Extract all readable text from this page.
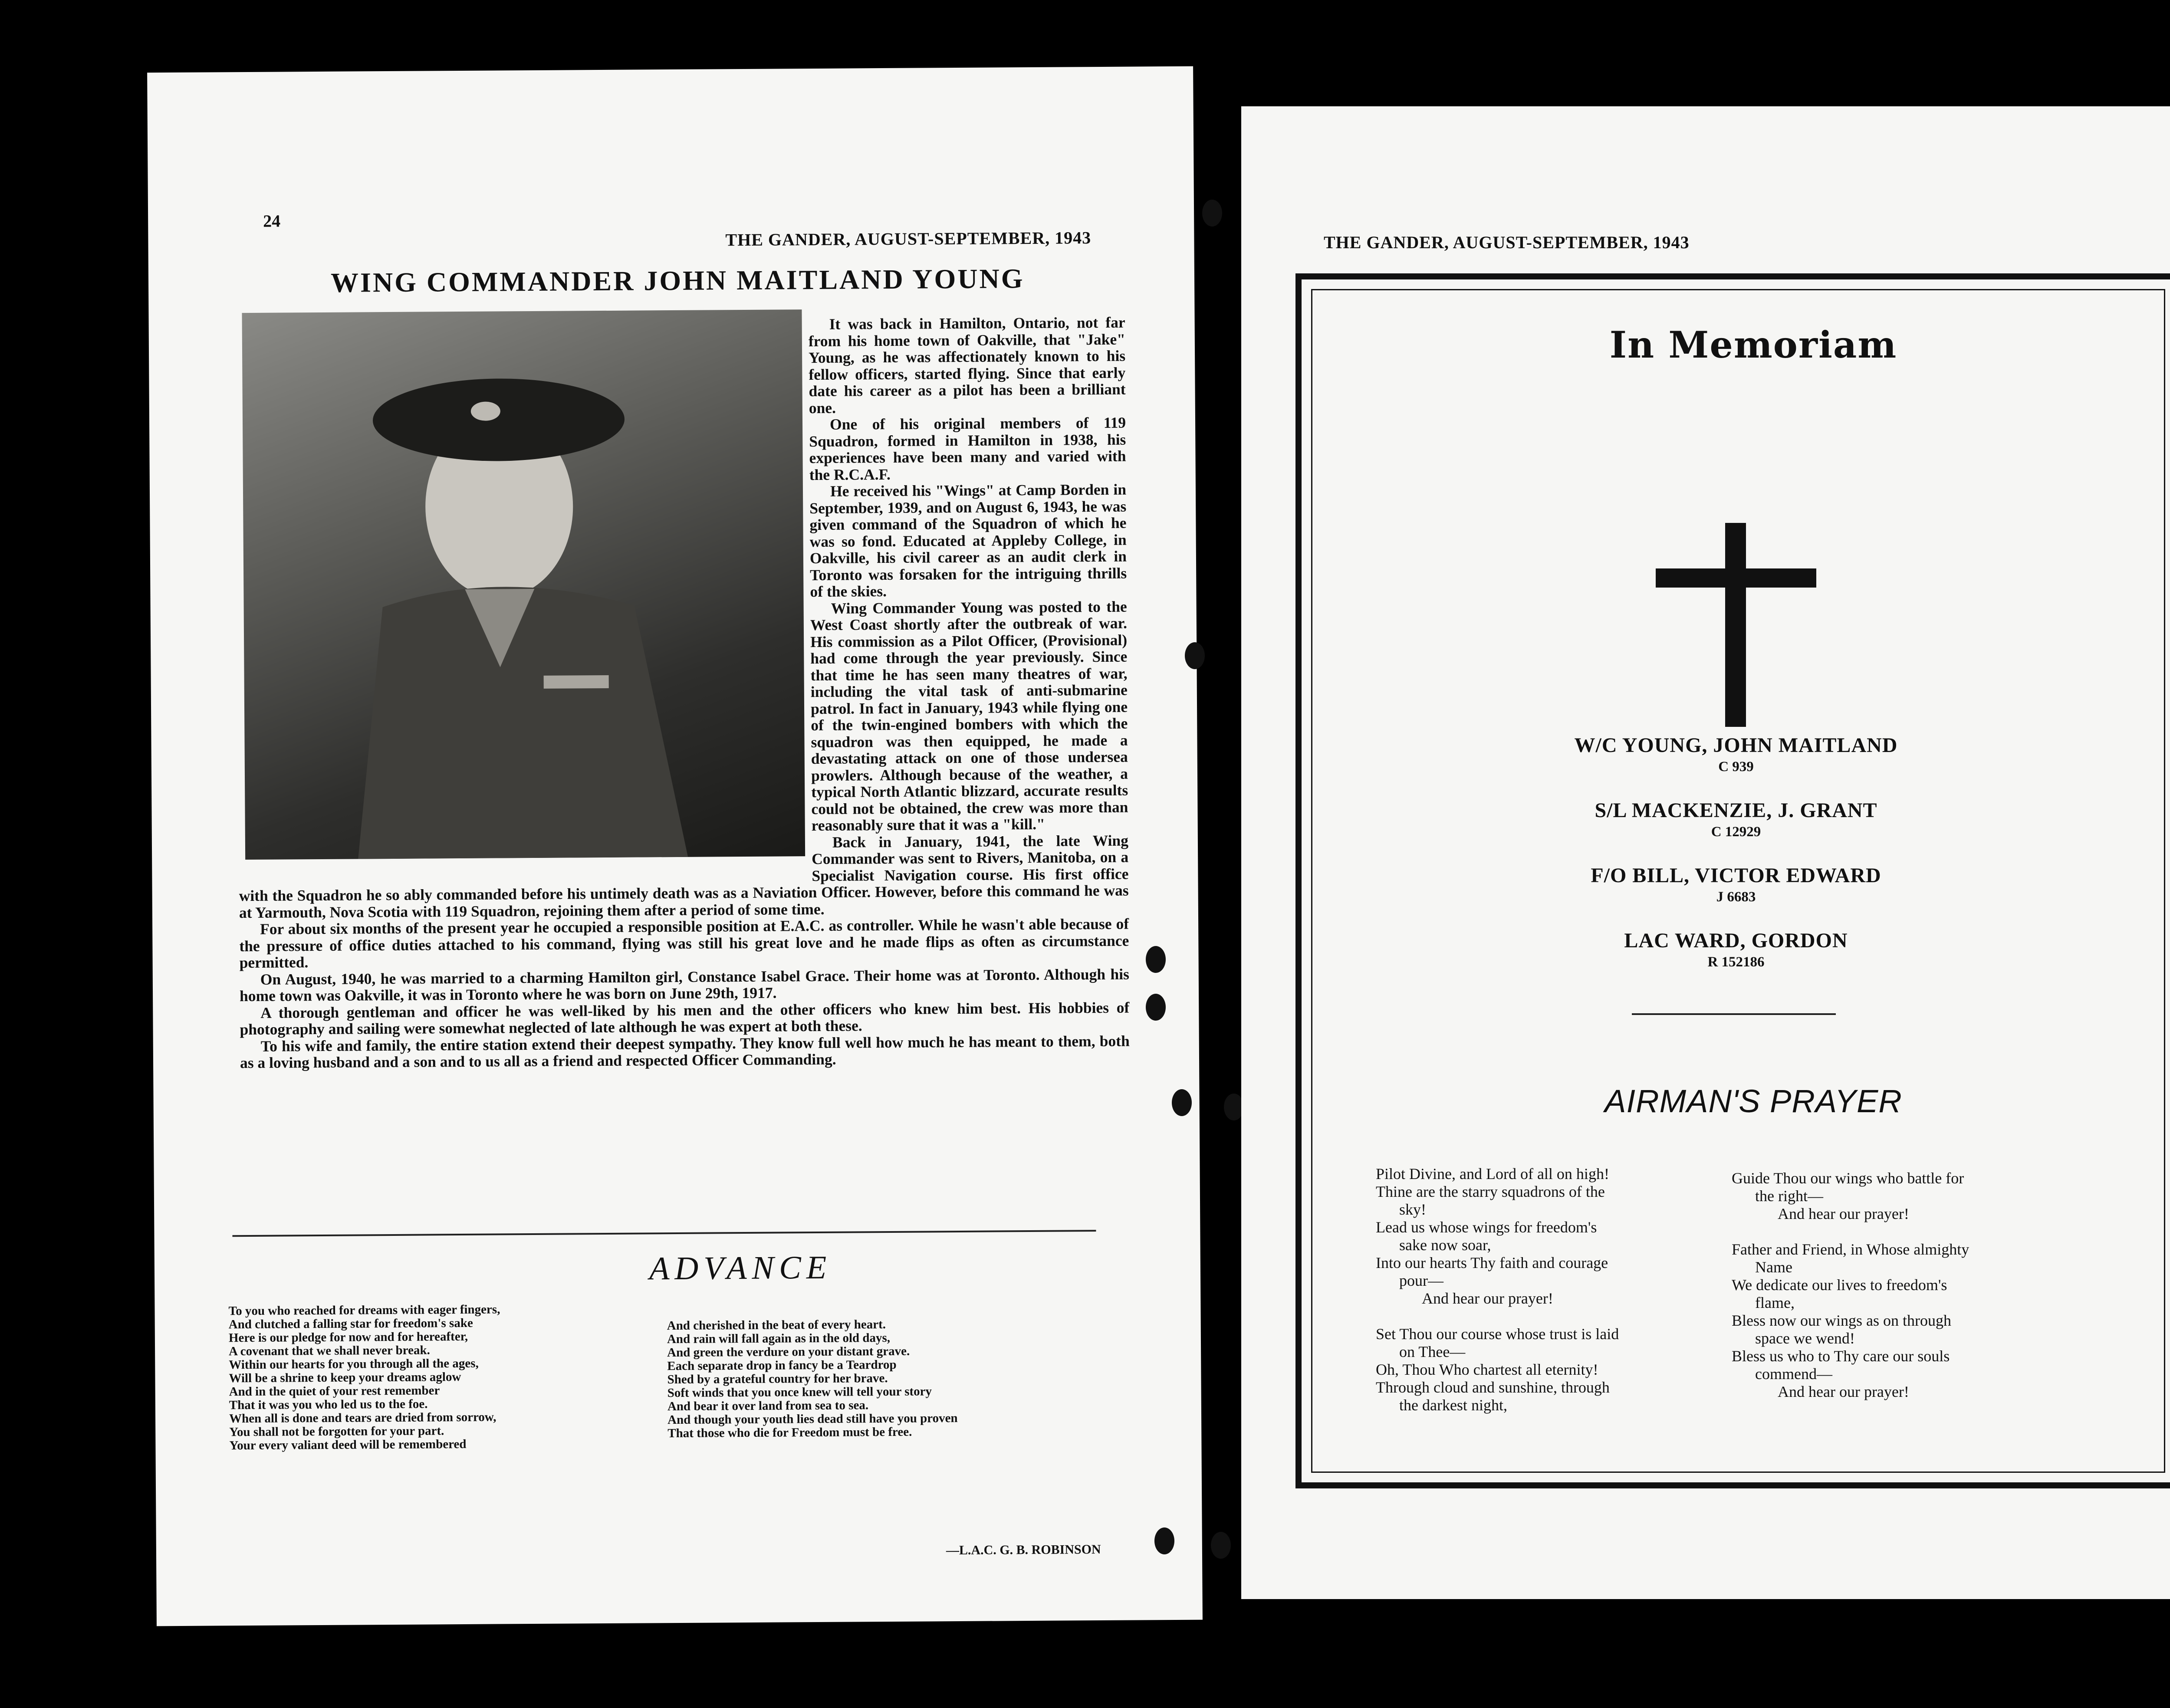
24
THE GANDER, AUGUST-SEPTEMBER, 1943
WING COMMANDER JOHN MAITLAND YOUNG

It was back in Hamilton, Ontario, not far from his home town of Oakville, that "Jake" Young, as he was affectionately known to his fellow officers, started flying. Since that early date his career as a pilot has been a brilliant one.

One of his original members of 119 Squadron, formed in Hamilton in 1938, his experiences have been many and varied with the R.C.A.F.

He received his "Wings" at Camp Borden in September, 1939, and on August 6, 1943, he was given command of the Squadron of which he was so fond. Educated at Appleby College, in Oakville, his civil career as an audit clerk in Toronto was forsaken for the intriguing thrills of the skies.

Wing Commander Young was posted to the West Coast shortly after the outbreak of war. His commission as a Pilot Officer, (Provisional) had come through the year previously. Since that time he has seen many theatres of war, including the vital task of anti-submarine patrol. In fact in January, 1943 while flying one of the twin-engined bombers with which the squadron was then equipped, he made a devastating attack on one of those undersea prowlers. Although because of the weather, a typical North Atlantic blizzard, accurate results could not be obtained, the crew was more than reasonably sure that it was a "kill."

Back in January, 1941, the late Wing Commander was sent to Rivers, Manitoba, on a Specialist Navigation course. His first office with the Squadron he so ably commanded before his untimely death was as a Naviation Officer. However, before this command he was at Yarmouth, Nova Scotia with 119 Squadron, rejoining them after a period of some time.

For about six months of the present year he occupied a responsible position at E.A.C. as controller. While he wasn't able because of the pressure of office duties attached to his command, flying was still his great love and he made flips as often as circumstance permitted.

On August, 1940, he was married to a charming Hamilton girl, Constance Isabel Grace. Their home was at Toronto. Although his home town was Oakville, it was in Toronto where he was born on June 29th, 1917.

A thorough gentleman and officer he was well-liked by his men and the other officers who knew him best. His hobbies of photography and sailing were somewhat neglected of late although he was expert at both these.

To his wife and family, the entire station extend their deepest sympathy. They know full well how much he has meant to them, both as a loving husband and a son and to us all as a friend and respected Officer Commanding.

ADVANCE
To you who reached for dreams with eager fingers,
And clutched a falling star for freedom's sake
Here is our pledge for now and for hereafter,
A covenant that we shall never break.
Within our hearts for you through all the ages,
Will be a shrine to keep your dreams aglow
And in the quiet of your rest remember
That it was you who led us to the foe.
When all is done and tears are dried from sorrow,
You shall not be forgotten for your part.
Your every valiant deed will be remembered
And cherished in the beat of every heart.
And rain will fall again as in the old days,
And green the verdure on your distant grave.
Each separate drop in fancy be a Teardrop
Shed by a grateful country for her brave.
Soft winds that you once knew will tell your story
And bear it over land from sea to sea.
And though your youth lies dead still have you proven
That those who die for Freedom must be free.
—L.A.C. G. B. ROBINSON
THE GANDER, AUGUST-SEPTEMBER, 1943
In Memoriam
W/C YOUNG, JOHN MAITLAND
C 939
S/L MACKENZIE, J. GRANT
C 12929
F/O BILL, VICTOR EDWARD
J 6683
LAC WARD, GORDON
R 152186
AIRMAN'S PRAYER
Pilot Divine, and Lord of all on high!
Thine are the starry squadrons of the
sky!
Lead us whose wings for freedom's
sake now soar,
Into our hearts Thy faith and courage
pour—
And hear our prayer!

Set Thou our course whose trust is laid
on Thee—
Oh, Thou Who chartest all eternity!
Through cloud and sunshine, through
the darkest night,
Guide Thou our wings who battle for
the right—
And hear our prayer!

Father and Friend, in Whose almighty
Name
We dedicate our lives to freedom's
flame,
Bless now our wings as on through
space we wend!
Bless us who to Thy care our souls
commend—
And hear our prayer!
